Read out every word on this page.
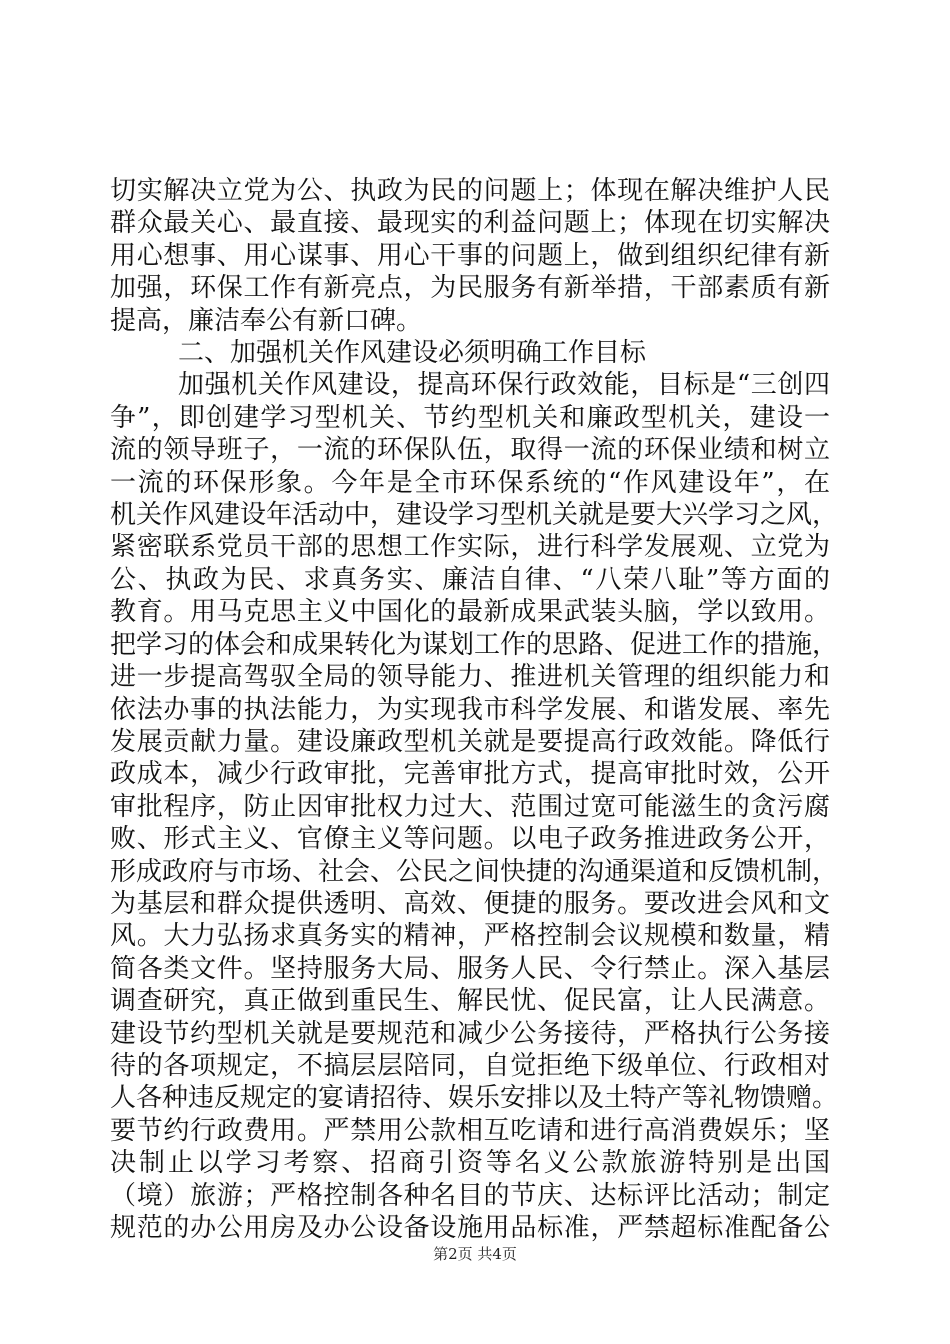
切实解决立党为公、执政为民的问题上；体现在解决维护人民
群众最关心、最直接、最现实的利益问题上；体现在切实解决
用心想事、用心谋事、用心干事的问题上，做到组织纪律有新
加强，环保工作有新亮点，为民服务有新举措，干部素质有新
提高，廉洁奉公有新口碑。
二、加强机关作风建设必须明确工作目标
加强机关作风建设，提高环保行政效能，目标是“三创四
争”，即创建学习型机关、节约型机关和廉政型机关，建设一
流的领导班子，一流的环保队伍，取得一流的环保业绩和树立
一流的环保形象。今年是全市环保系统的“作风建设年”，在
机关作风建设年活动中，建设学习型机关就是要大兴学习之风，
紧密联系党员干部的思想工作实际，进行科学发展观、立党为
公、执政为民、求真务实、廉洁自律、“八荣八耻”等方面的
教育。用马克思主义中国化的最新成果武装头脑，学以致用。
把学习的体会和成果转化为谋划工作的思路、促进工作的措施，
进一步提高驾驭全局的领导能力、推进机关管理的组织能力和
依法办事的执法能力，为实现我市科学发展、和谐发展、率先
发展贡献力量。建设廉政型机关就是要提高行政效能。降低行
政成本，减少行政审批，完善审批方式，提高审批时效，公开
审批程序，防止因审批权力过大、范围过宽可能滋生的贪污腐
败、形式主义、官僚主义等问题。以电子政务推进政务公开，
形成政府与市场、社会、公民之间快捷的沟通渠道和反馈机制，
为基层和群众提供透明、高效、便捷的服务。要改进会风和文
风。大力弘扬求真务实的精神，严格控制会议规模和数量，精
简各类文件。坚持服务大局、服务人民、令行禁止。深入基层
调查研究，真正做到重民生、解民忧、促民富，让人民满意。
建设节约型机关就是要规范和减少公务接待，严格执行公务接
待的各项规定，不搞层层陪同，自觉拒绝下级单位、行政相对
人各种违反规定的宴请招待、娱乐安排以及土特产等礼物馈赠。
要节约行政费用。严禁用公款相互吃请和进行高消费娱乐；坚
决制止以学习考察、招商引资等名义公款旅游特别是出国
（境）旅游；严格控制各种名目的节庆、达标评比活动；制定
规范的办公用房及办公设备设施用品标准，严禁超标准配备公
第2页 共4页
